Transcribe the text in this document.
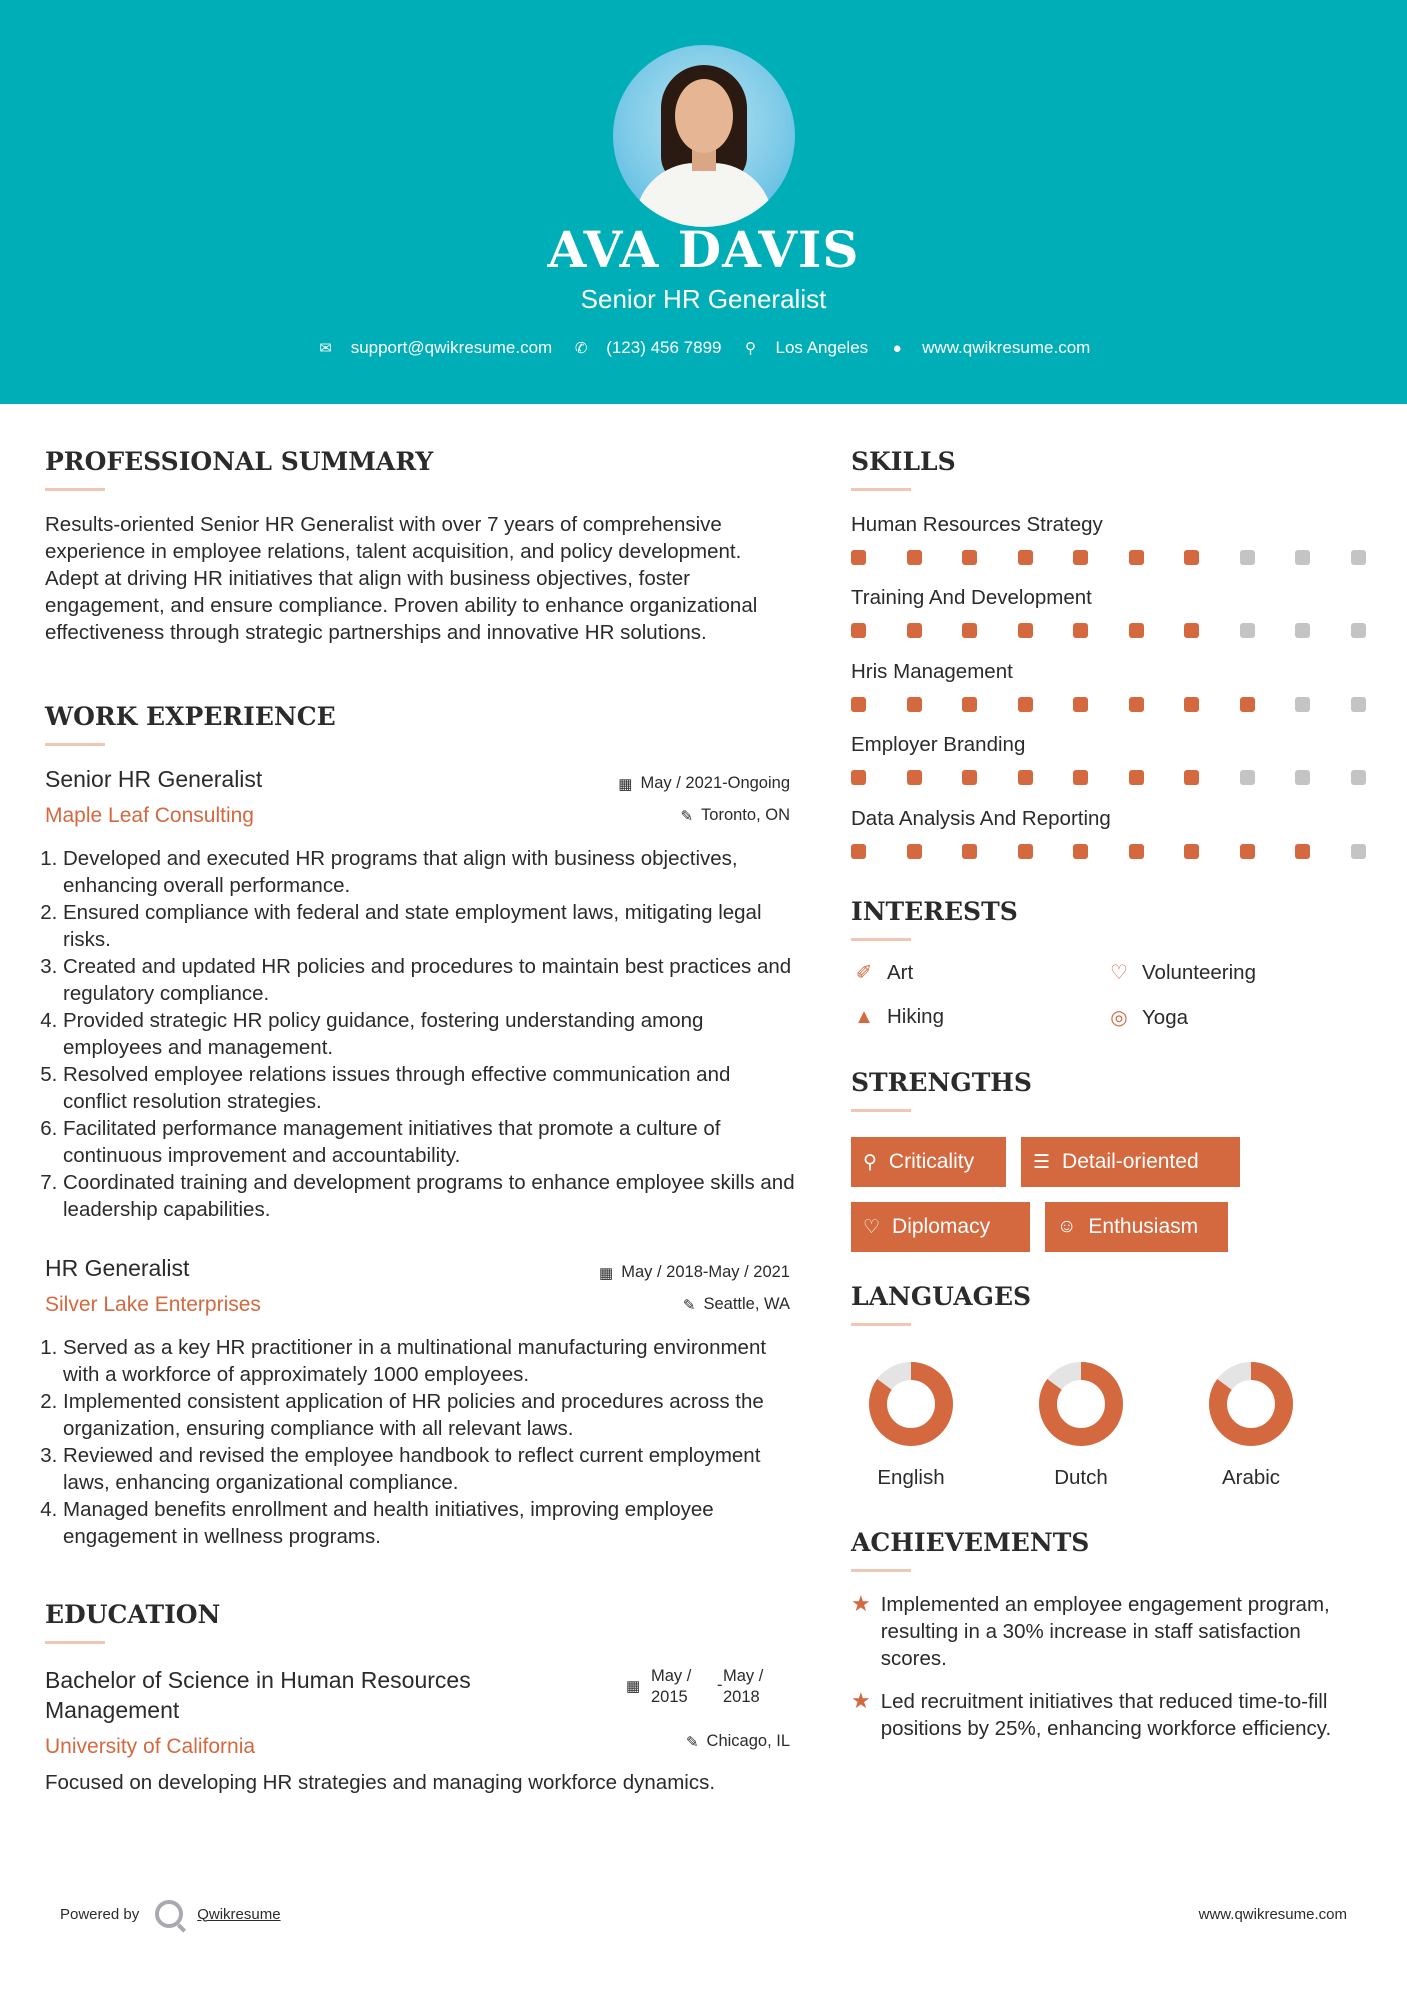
AVA DAVIS
Senior HR Generalist
✉ support@qwikresume.com ✆ (123) 456 7899 ⚲ Los Angeles ● www.qwikresume.com
PROFESSIONAL SUMMARY
Results-oriented Senior HR Generalist with over 7 years of comprehensive experience in employee relations, talent acquisition, and policy development. Adept at driving HR initiatives that align with business objectives, foster engagement, and ensure compliance. Proven ability to enhance organizational effectiveness through strategic partnerships and innovative HR solutions.
WORK EXPERIENCE
Senior HR Generalist	▦ May / 2021-Ongoing
Maple Leaf Consulting	✎ Toronto, ON
1. Developed and executed HR programs that align with business objectives, enhancing overall performance.
2. Ensured compliance with federal and state employment laws, mitigating legal risks.
3. Created and updated HR policies and procedures to maintain best practices and regulatory compliance.
4. Provided strategic HR policy guidance, fostering understanding among employees and management.
5. Resolved employee relations issues through effective communication and conflict resolution strategies.
6. Facilitated performance management initiatives that promote a culture of continuous improvement and accountability.
7. Coordinated training and development programs to enhance employee skills and leadership capabilities.
HR Generalist	▦ May / 2018-May / 2021
Silver Lake Enterprises	✎ Seattle, WA
1. Served as a key HR practitioner in a multinational manufacturing environment with a workforce of approximately 1000 employees.
2. Implemented consistent application of HR policies and procedures across the organization, ensuring compliance with all relevant laws.
3. Reviewed and revised the employee handbook to reflect current employment laws, enhancing organizational compliance.
4. Managed benefits enrollment and health initiatives, improving employee engagement in wellness programs.
EDUCATION
Bachelor of Science in Human Resources Management
▦
May /
2015
- May /
2018
University of California	✎ Chicago, IL
Focused on developing HR strategies and managing workforce dynamics.
SKILLS
Human Resources Strategy
Training And Development
Hris Management
Employer Branding
Data Analysis And Reporting
INTERESTS
✐ Art	♡ Volunteering
▲ Hiking	◎ Yoga
STRENGTHS
⚲ Criticality	☰ Detail-oriented
♡ Diplomacy	☺ Enthusiasm
LANGUAGES
English	Dutch	Arabic
ACHIEVEMENTS
★ Implemented an employee engagement program, resulting in a 30% increase in staff satisfaction scores.
★ Led recruitment initiatives that reduced time-to-fill positions by 25%, enhancing workforce efficiency.
Powered by	Qwikresume	www.qwikresume.com
